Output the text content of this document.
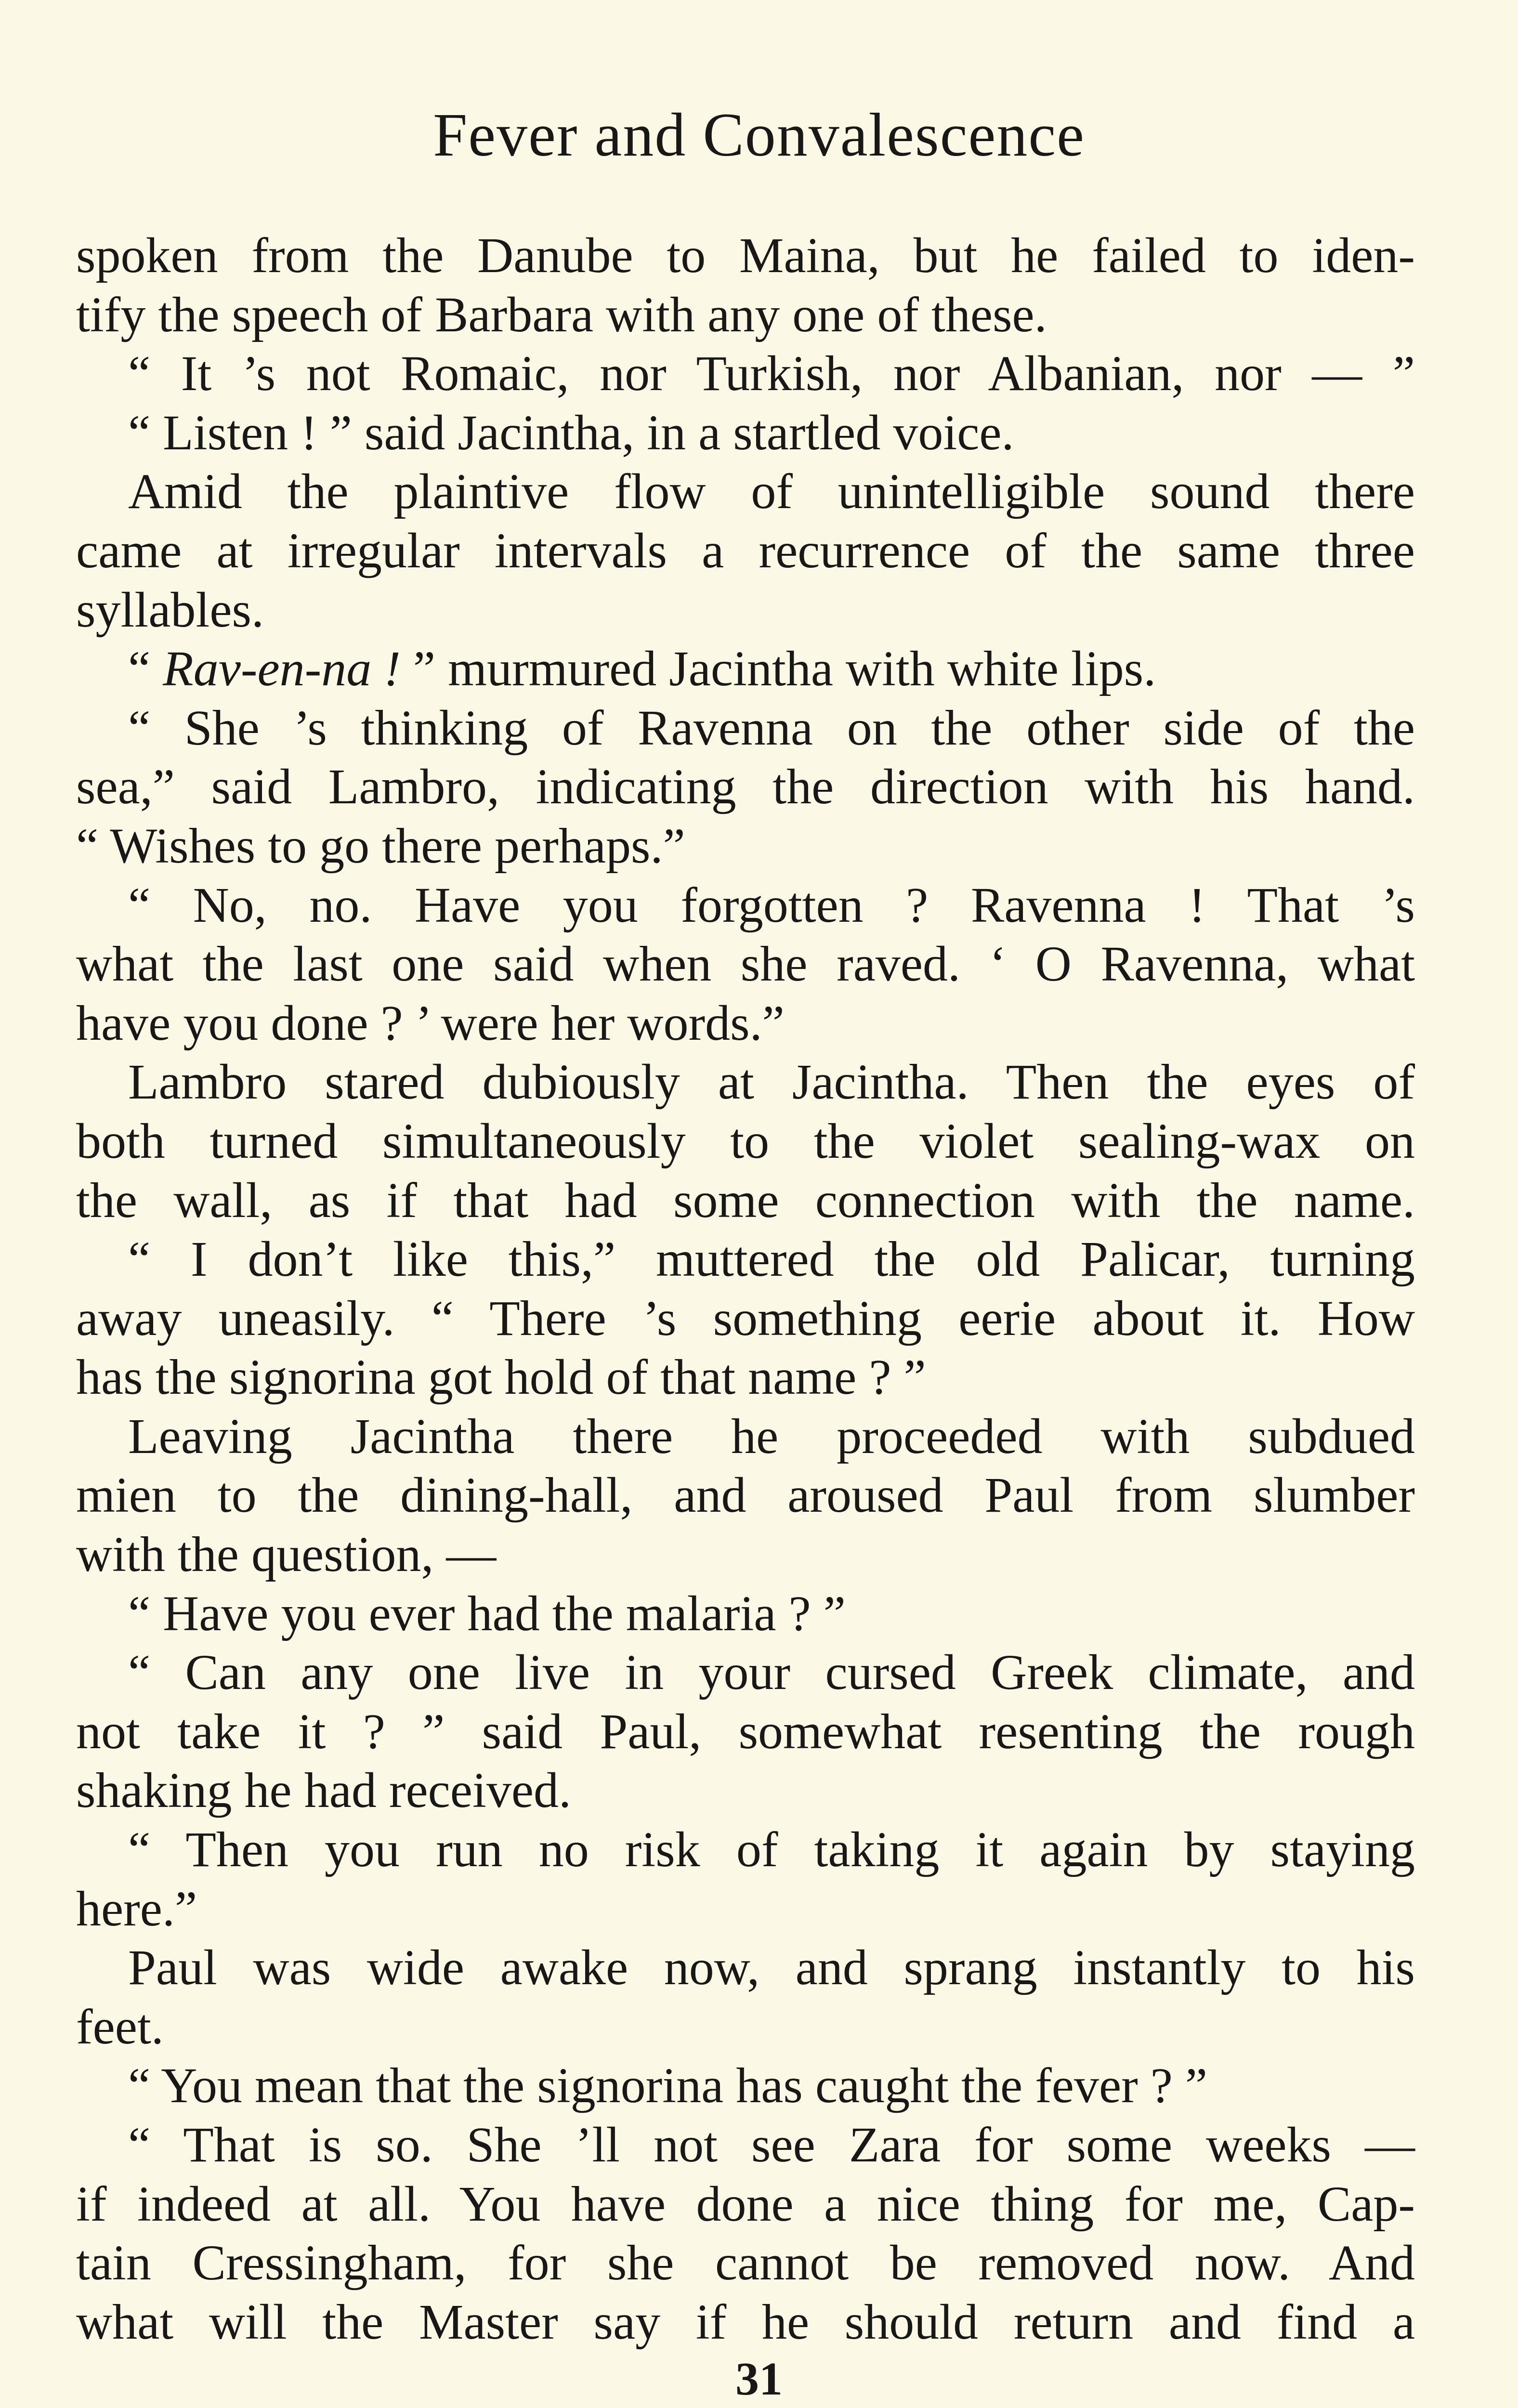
Fever and Convalescence
spoken from the Danube to Maina, but he failed to iden-
tify the speech of Barbara with any one of these.
“ It ’s not Romaic, nor Turkish, nor Albanian, nor — ”
“ Listen ! ” said Jacintha, in a startled voice.
Amid the plaintive flow of unintelligible sound there
came at irregular intervals a recurrence of the same three
syllables.
“ Rav-en-na ! ” murmured Jacintha with white lips.
“ She ’s thinking of Ravenna on the other side of the
sea,” said Lambro, indicating the direction with his hand.
“ Wishes to go there perhaps.”
“ No, no. Have you forgotten ? Ravenna ! That ’s
what the last one said when she raved. ‘ O Ravenna, what
have you done ? ’ were her words.”
Lambro stared dubiously at Jacintha. Then the eyes of
both turned simultaneously to the violet sealing-wax on
the wall, as if that had some connection with the name.
“ I don’t like this,” muttered the old Palicar, turning
away uneasily. “ There ’s something eerie about it. How
has the signorina got hold of that name ? ”
Leaving Jacintha there he proceeded with subdued
mien to the dining-hall, and aroused Paul from slumber
with the question, —
“ Have you ever had the malaria ? ”
“ Can any one live in your cursed Greek climate, and
not take it ? ” said Paul, somewhat resenting the rough
shaking he had received.
“ Then you run no risk of taking it again by staying
here.”
Paul was wide awake now, and sprang instantly to his
feet.
“ You mean that the signorina has caught the fever ? ”
“ That is so. She ’ll not see Zara for some weeks —
if indeed at all. You have done a nice thing for me, Cap-
tain Cressingham, for she cannot be removed now. And
what will the Master say if he should return and find a
31
